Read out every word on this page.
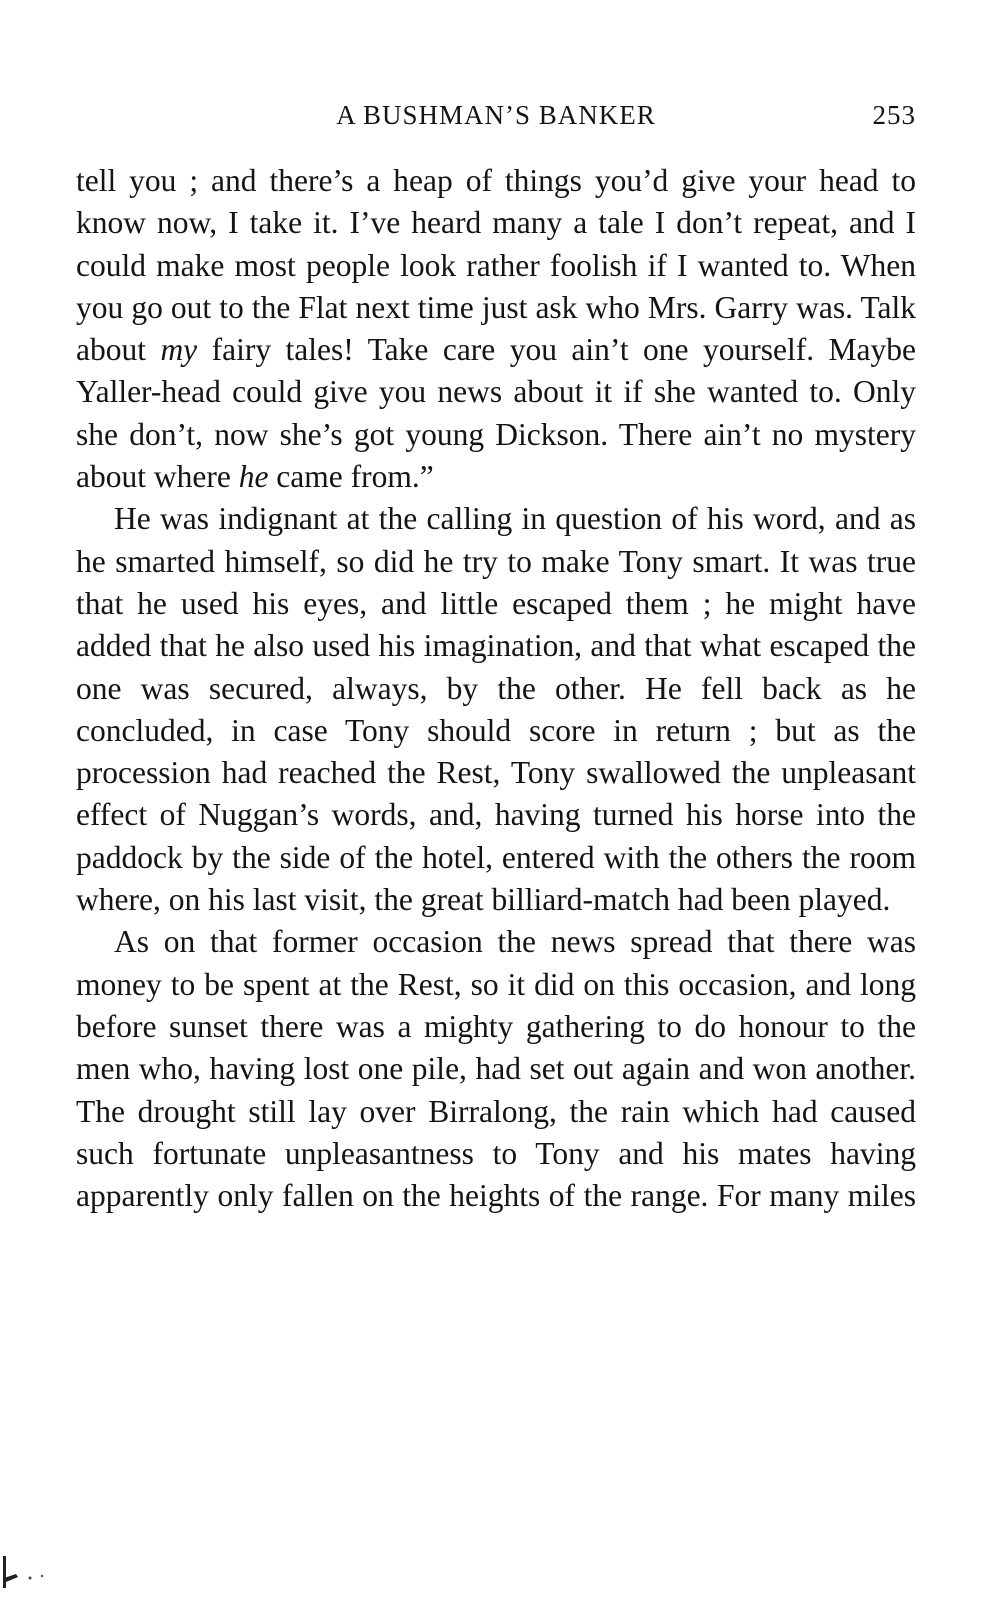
A BUSHMAN’S BANKER	253

tell you ; and there’s a heap of things you’d give your head to know now, I take it. I’ve heard many a tale I don’t repeat, and I could make most people look rather foolish if I wanted to. When you go out to the Flat next time just ask who Mrs. Garry was. Talk about my fairy tales! Take care you ain’t one yourself. Maybe Yaller-head could give you news about it if she wanted to. Only she don’t, now she’s got young Dickson. There ain’t no mystery about where he came from.”

He was indignant at the calling in question of his word, and as he smarted himself, so did he try to make Tony smart. It was true that he used his eyes, and little escaped them ; he might have added that he also used his imagination, and that what escaped the one was secured, always, by the other. He fell back as he concluded, in case Tony should score in return ; but as the procession had reached the Rest, Tony swallowed the unpleasant effect of Nuggan’s words, and, having turned his horse into the paddock by the side of the hotel, entered with the others the room where, on his last visit, the great billiard-match had been played.

As on that former occasion the news spread that there was money to be spent at the Rest, so it did on this occasion, and long before sunset there was a mighty gathering to do honour to the men who, having lost one pile, had set out again and won another. The drought still lay over Birralong, the rain which had caused such fortunate unpleasantness to Tony and his mates having apparently only fallen on the heights of the range. For many miles
